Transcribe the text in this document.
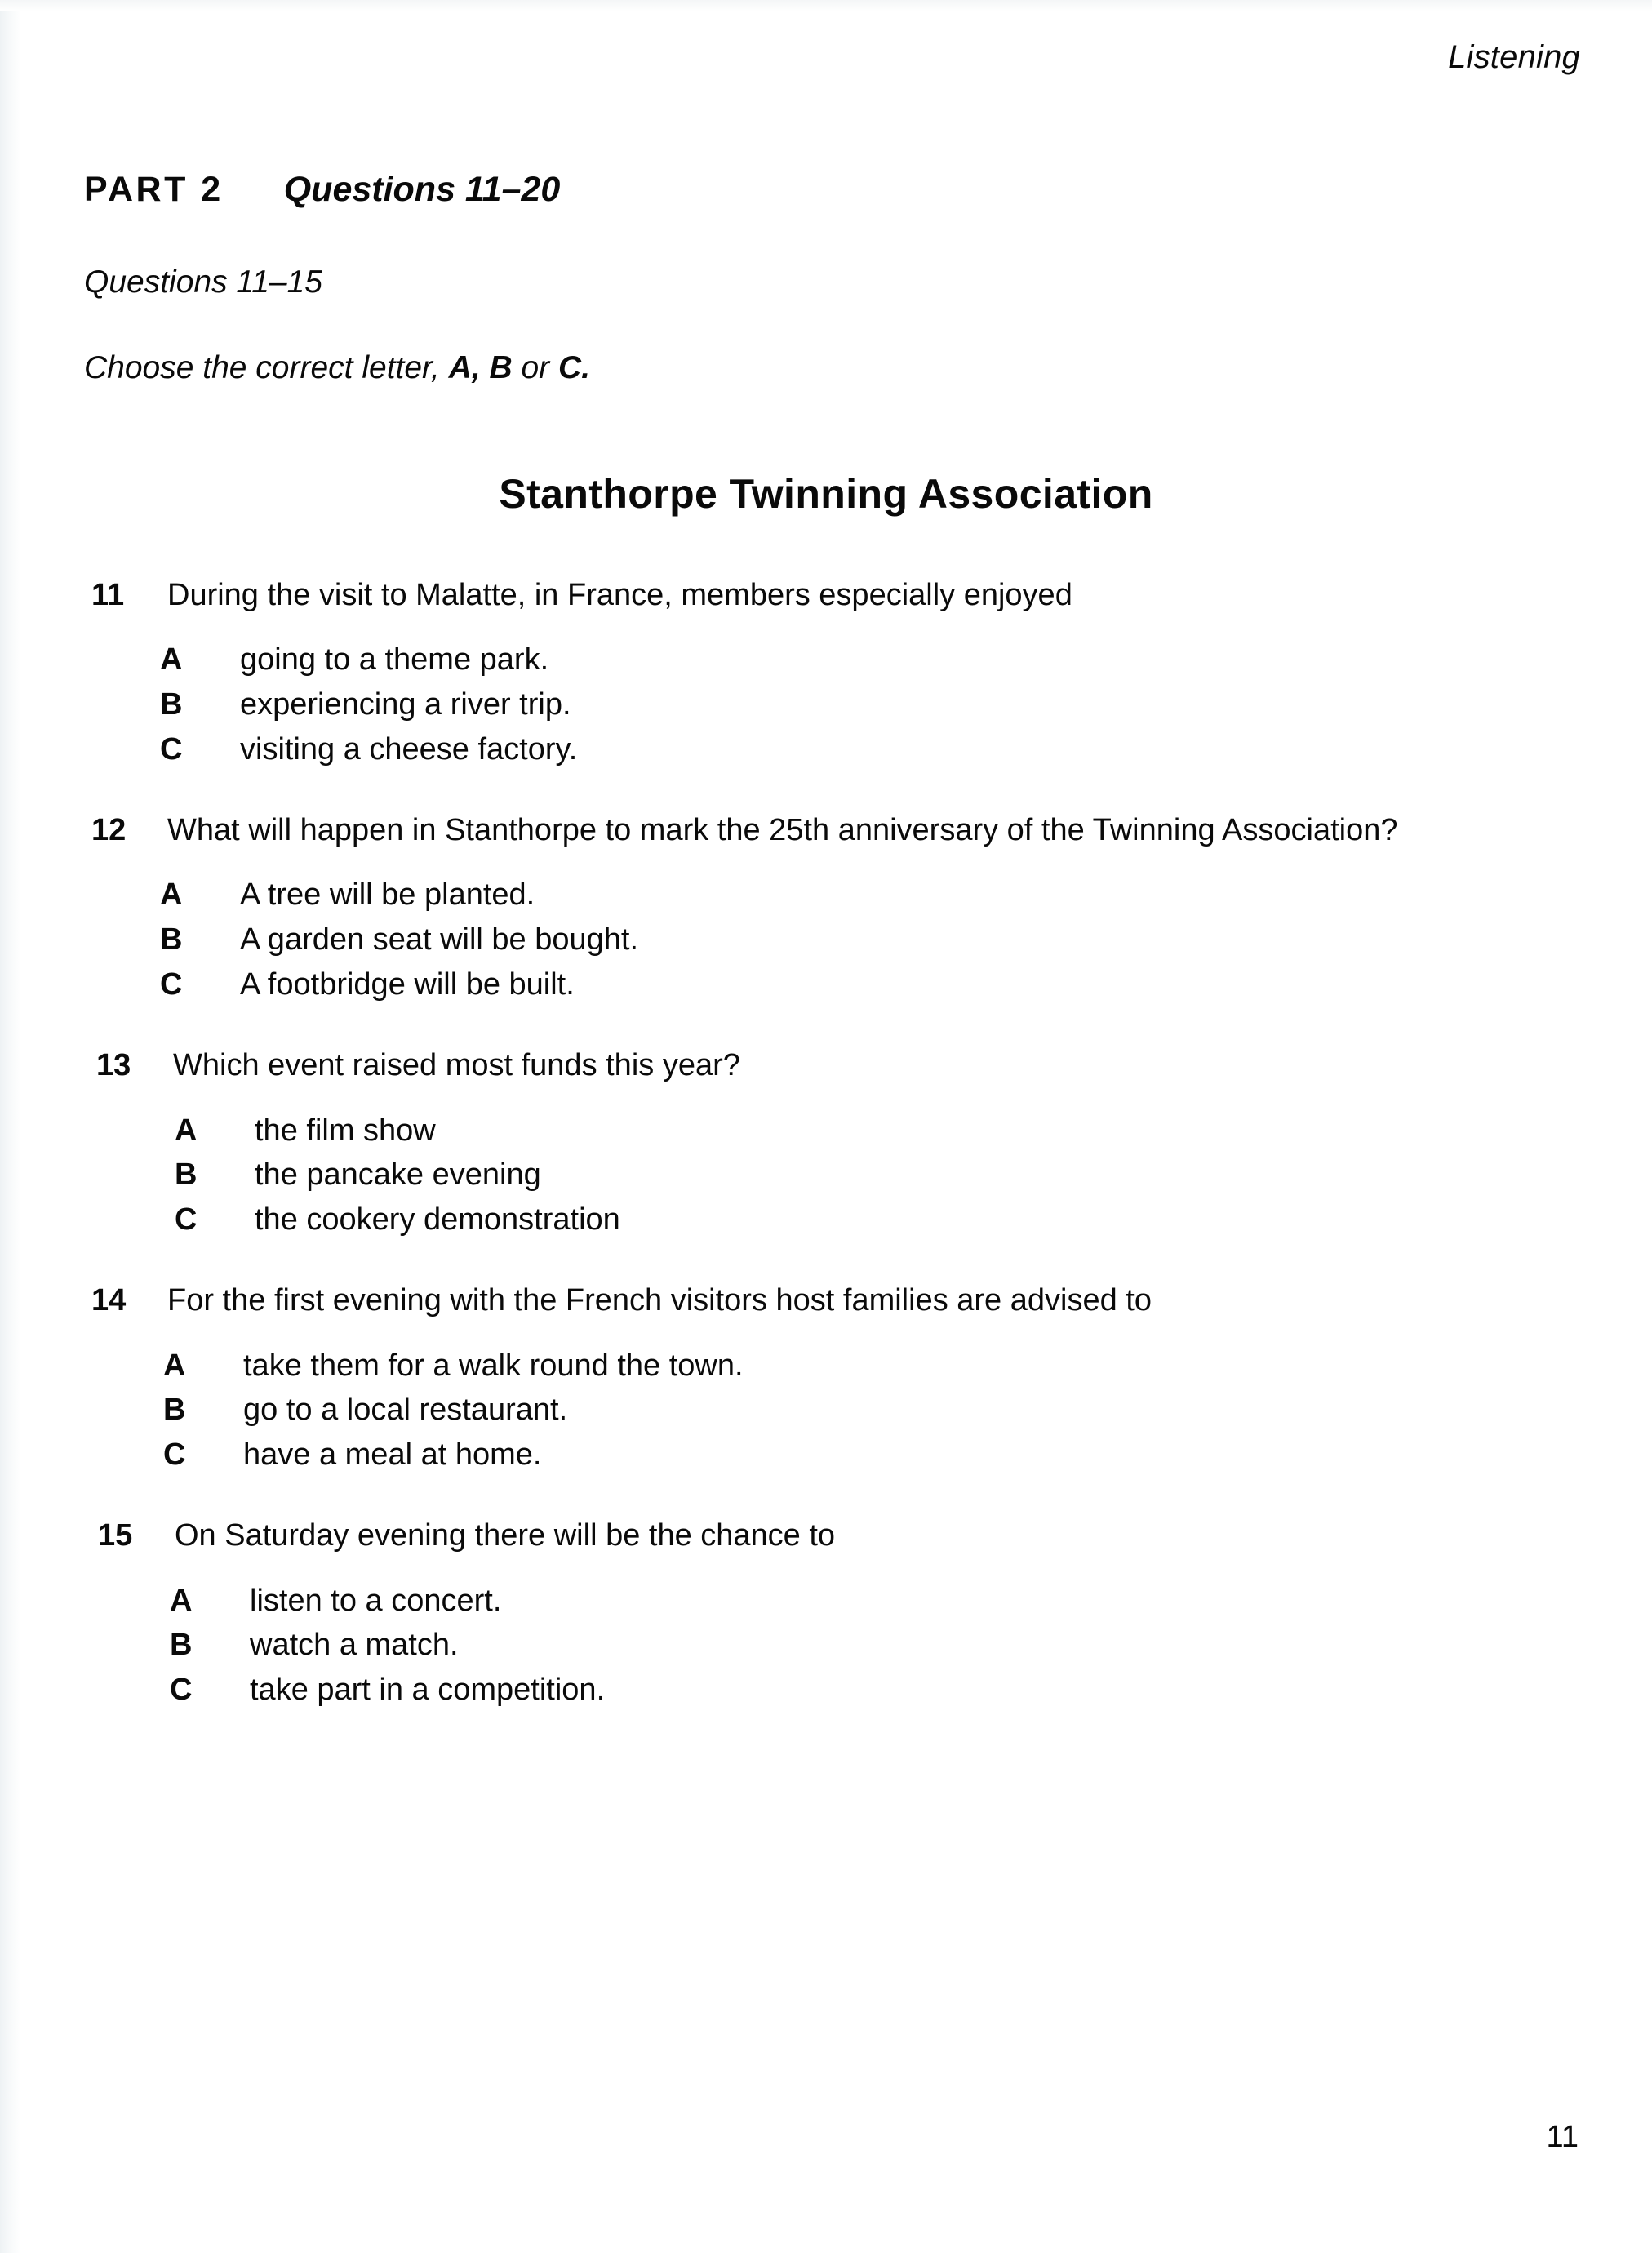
Listening
PART 2 Questions 11–20
Questions 11–15
Choose the correct letter, A, B or C.
Stanthorpe Twinning Association
11 During the visit to Malatte, in France, members especially enjoyed
A going to a theme park.
B experiencing a river trip.
C visiting a cheese factory.
12 What will happen in Stanthorpe to mark the 25th anniversary of the Twinning Association?
A A tree will be planted.
B A garden seat will be bought.
C A footbridge will be built.
13 Which event raised most funds this year?
A the film show
B the pancake evening
C the cookery demonstration
14 For the first evening with the French visitors host families are advised to
A take them for a walk round the town.
B go to a local restaurant.
C have a meal at home.
15 On Saturday evening there will be the chance to
A listen to a concert.
B watch a match.
C take part in a competition.
11
